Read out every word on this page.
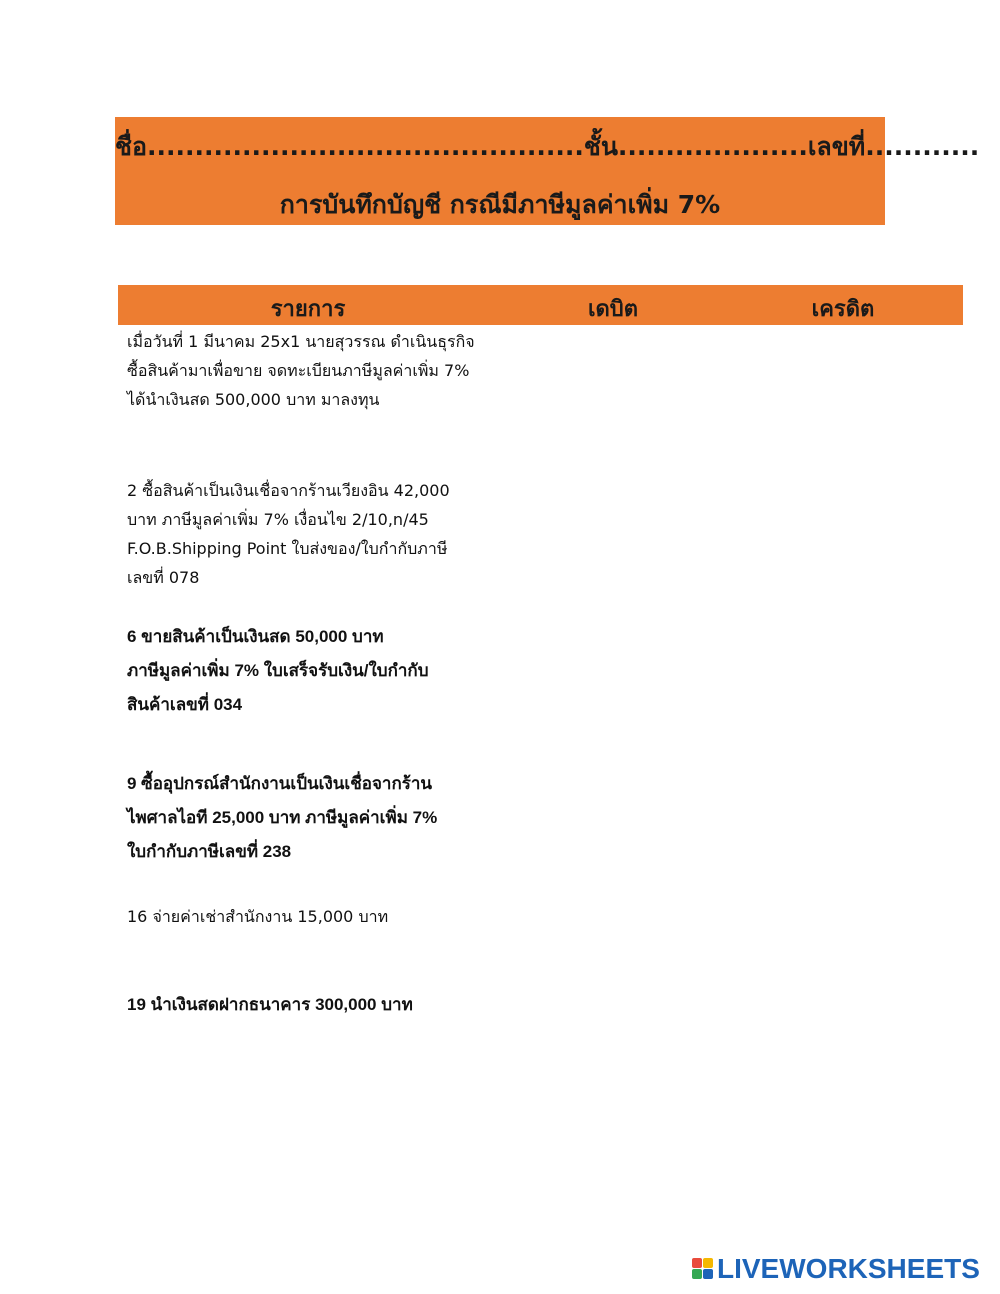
ชื่อ..............................................ชั้น....................เลขที่............
การบันทึกบัญชี กรณีมีภาษีมูลค่าเพิ่ม 7%
รายการ	เดบิต	เครดิต
เมื่อวันที่ 1 มีนาคม 25x1 นายสุวรรณ ดำเนินธุรกิจ
ซื้อสินค้ามาเพื่อขาย จดทะเบียนภาษีมูลค่าเพิ่ม 7%
ได้นำเงินสด 500,000 บาท มาลงทุน
2 ซื้อสินค้าเป็นเงินเชื่อจากร้านเวียงอิน 42,000
บาท ภาษีมูลค่าเพิ่ม 7% เงื่อนไข 2/10,n/45
F.O.B.Shipping Point ใบส่งของ/ใบกำกับภาษี
เลขที่ 078
6 ขายสินค้าเป็นเงินสด 50,000 บาท
ภาษีมูลค่าเพิ่ม 7% ใบเสร็จรับเงิน/ใบกำกับ
สินค้าเลขที่ 034
9 ซื้ออุปกรณ์สำนักงานเป็นเงินเชื่อจากร้าน
ไพศาลไอที 25,000 บาท ภาษีมูลค่าเพิ่ม 7%
ใบกำกับภาษีเลขที่ 238
16 จ่ายค่าเช่าสำนักงาน 15,000 บาท
19 นำเงินสดฝากธนาคาร 300,000 บาท
LIVEWORKSHEETS
